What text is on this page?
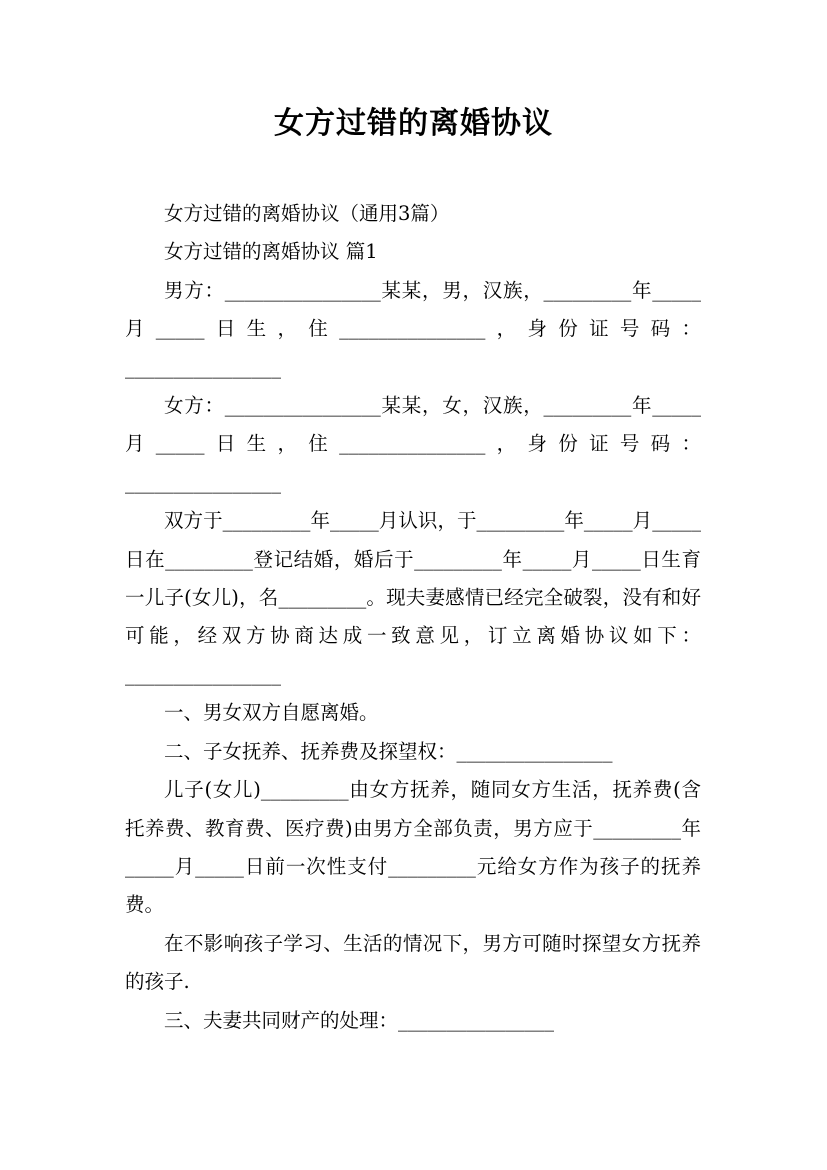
女方过错的离婚协议

女方过错的离婚协议（通用3篇）

女方过错的离婚协议 篇1

男方：________________某某，男，汉族，_________年_____月_____日生，住_______________，身份证号码：________________

女方：________________某某，女，汉族，_________年_____月_____日生，住_______________，身份证号码：________________

双方于_________年_____月认识，于_________年_____月_____日在_________登记结婚，婚后于_________年_____月_____日生育一儿子(女儿)，名_________。现夫妻感情已经完全破裂，没有和好可能，经双方协商达成一致意见，订立离婚协议如下：________________

一、男女双方自愿离婚。

二、子女抚养、抚养费及探望权：________________

儿子(女儿)_________由女方抚养，随同女方生活，抚养费(含托养费、教育费、医疗费)由男方全部负责，男方应于_________年_____月_____日前一次性支付_________元给女方作为孩子的抚养费。

在不影响孩子学习、生活的情况下，男方可随时探望女方抚养的孩子.

三、夫妻共同财产的处理：________________
